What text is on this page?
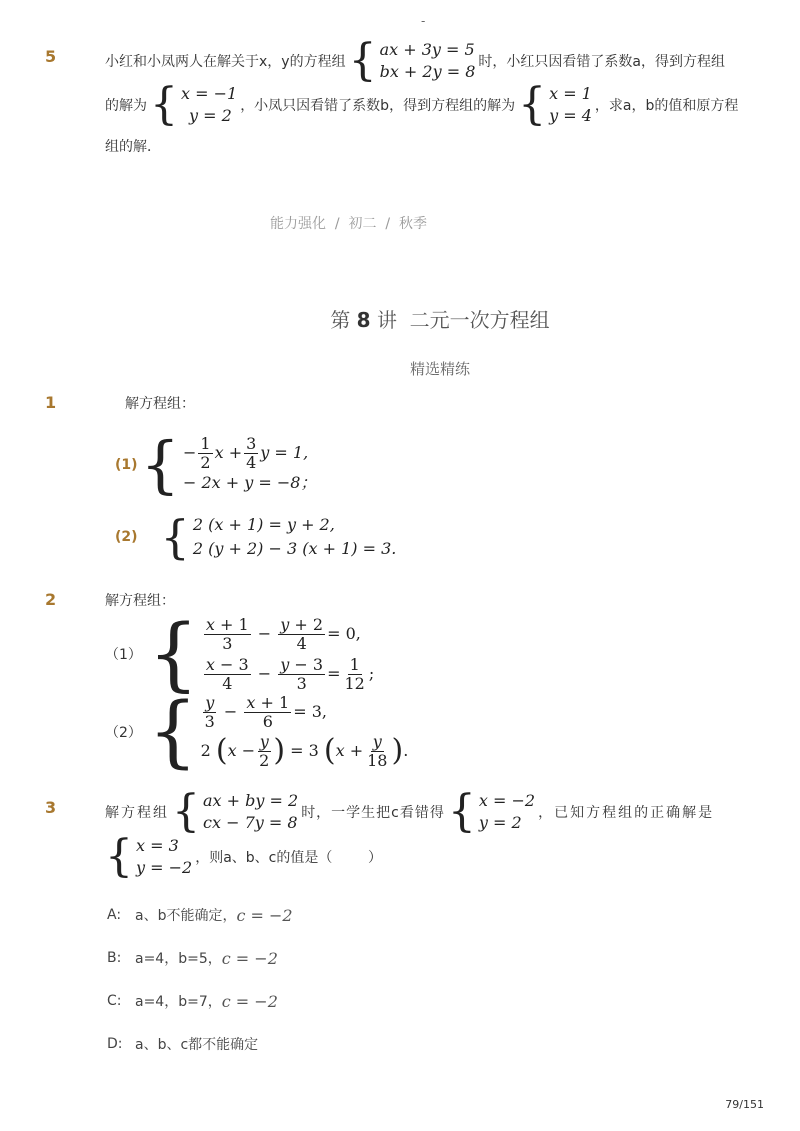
-
5	小红和小凤两人在解关于x，y的方程组 { ax + 3y = 5
bx + 2y = 8 时，小红只因看错了系数a，得到方程组
的解为 { x = −1
y = 2 ，小凤只因看错了系数b，得到方程组的解为 { x = 1
y = 4 ，求a，b的值和原方程
组的解．
能力强化  /  初二  /  秋季
第 8 讲  二元一次方程组
精选精练
1	解方程组：
(1) { − $\frac{1}{2}$ $x + \frac{3}{4}$ y = 1,
− 2x + y = −8；
(2) { 2 (x + 1) = y + 2,
2 (y + 2) − 3 (x + 1) = 3.
2	解方程组：
（1） { $\frac{x + 1}{3} - \frac{y + 2}{4} = 0$,
$\frac{x - 3}{4} - \frac{y - 3}{3} = \frac{1}{12}$ ;
（2） { $\frac{y}{3} - \frac{x + 1}{6} = 3$,
2 ( $x - \frac{y}{2}$ ) = 3 ( $x + \frac{y}{18}$ ) .
3	解方程组 { ax + by = 2
cx − 7y = 8 时，一学生把c看错得 { x = −2
y = 2	，已知方程组的正确解是
{ x = 3
y = −2 ，则a、b、c的值是（        ）
A: a、b不能确定， c = −2
B: a=4，b=5， c = −2
C: a=4，b=7， c = −2
D: a、b、c都不能确定
79/151
